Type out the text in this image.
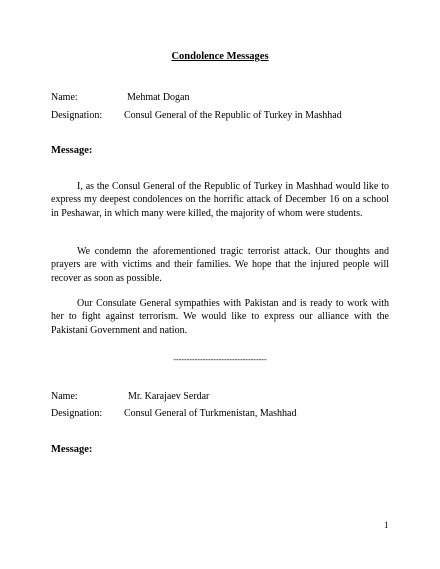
Condolence Messages
Name:	Mehmat Dogan
Designation: Consul General of the Republic of Turkey in Mashhad
Message:
I, as the Consul General of the Republic of Turkey in Mashhad would like to express my deepest condolences on the horrific attack of December 16 on a school in Peshawar, in which many were killed, the majority of whom were students.
We condemn the aforementioned tragic terrorist attack. Our thoughts and prayers are with victims and their families. We hope that the injured people will recover as soon as possible.
Our Consulate General sympathies with Pakistan and is ready to work with her to fight against terrorism. We would like to express our alliance with the Pakistani Government and nation.
-----------------------------------
Name:	Mr. Karajaev Serdar
Designation: Consul General of Turkmenistan, Mashhad
Message:
1
